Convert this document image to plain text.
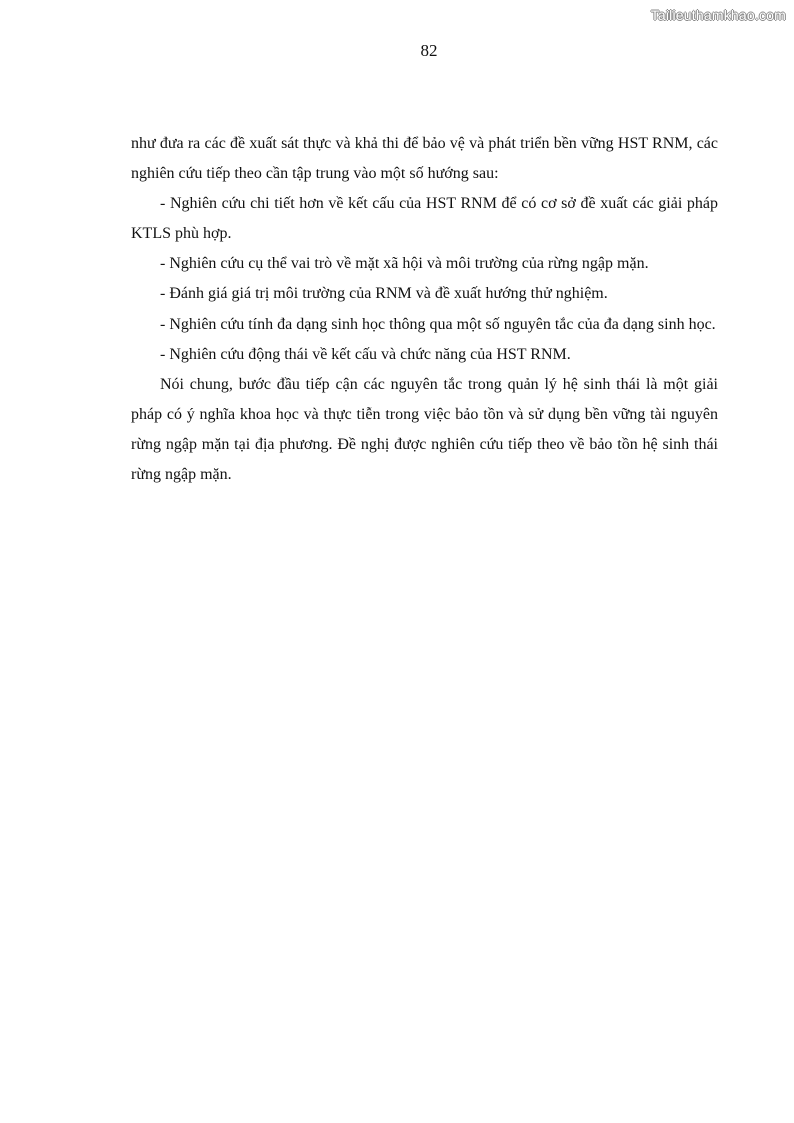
Tailieuthamkhao.com
82

như đưa ra các đề xuất sát thực và khả thi để bảo vệ và phát triển bền vững HST RNM, các nghiên cứu tiếp theo cần tập trung vào một số hướng sau:

- Nghiên cứu chi tiết hơn về kết cấu của HST RNM để có cơ sở đề xuất các giải pháp KTLS phù hợp.

- Nghiên cứu cụ thể vai trò về mặt xã hội và môi trường của rừng ngập mặn.

- Đánh giá giá trị môi trường của RNM và đề xuất hướng thử nghiệm.

- Nghiên cứu tính đa dạng sinh học thông qua một số nguyên tắc của đa dạng sinh học.

- Nghiên cứu động thái về kết cấu và chức năng của HST RNM.

Nói chung, bước đầu tiếp cận các nguyên tắc trong quản lý hệ sinh thái là một giải pháp có ý nghĩa khoa học và thực tiễn trong việc bảo tồn và sử dụng bền vững tài nguyên rừng ngập mặn tại địa phương. Đề nghị được nghiên cứu tiếp theo về bảo tồn hệ sinh thái rừng ngập mặn.
